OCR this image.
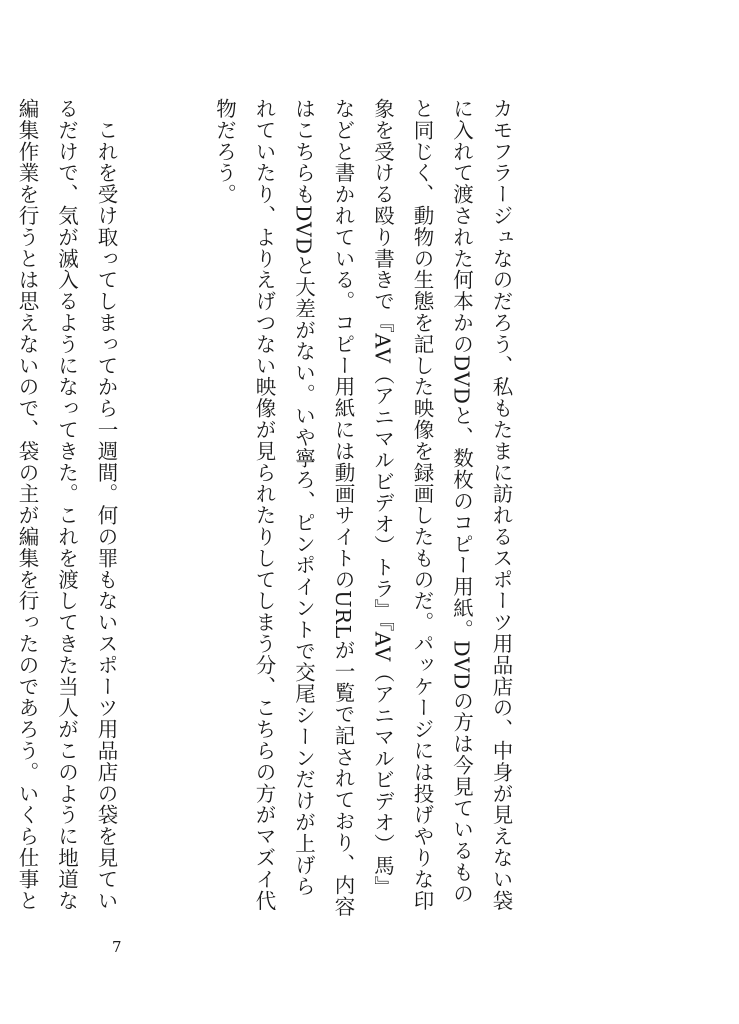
カモフラージュなのだろう、私もたまに訪れるスポーツ用品店の、中身が見えない袋に入れて渡された何本かのDVDと、数枚のコピー用紙。DVDの方は今見ているものと同じく、動物の生態を記した映像を録画したものだ。パッケージには投げやりな印象を受ける殴り書きで『AV（アニマルビデオ）トラ』『AV（アニマルビデオ）馬』などと書かれている。コピー用紙には動画サイトのURLが一覧で記されており、内容はこちらもDVDと大差がない。いや寧ろ、ピンポイントで交尾シーンだけが上げられていたり、よりえげつない映像が見られたりしてしまう分、こちらの方がマズイ代物だろう。

　これを受け取ってしまってから一週間。何の罪もないスポーツ用品店の袋を見ているだけで、気が滅入るようになってきた。これを渡してきた当人がこのように地道な編集作業を行うとは思えないので、袋の主が編集を行ったのであろう。いくら仕事と

7
